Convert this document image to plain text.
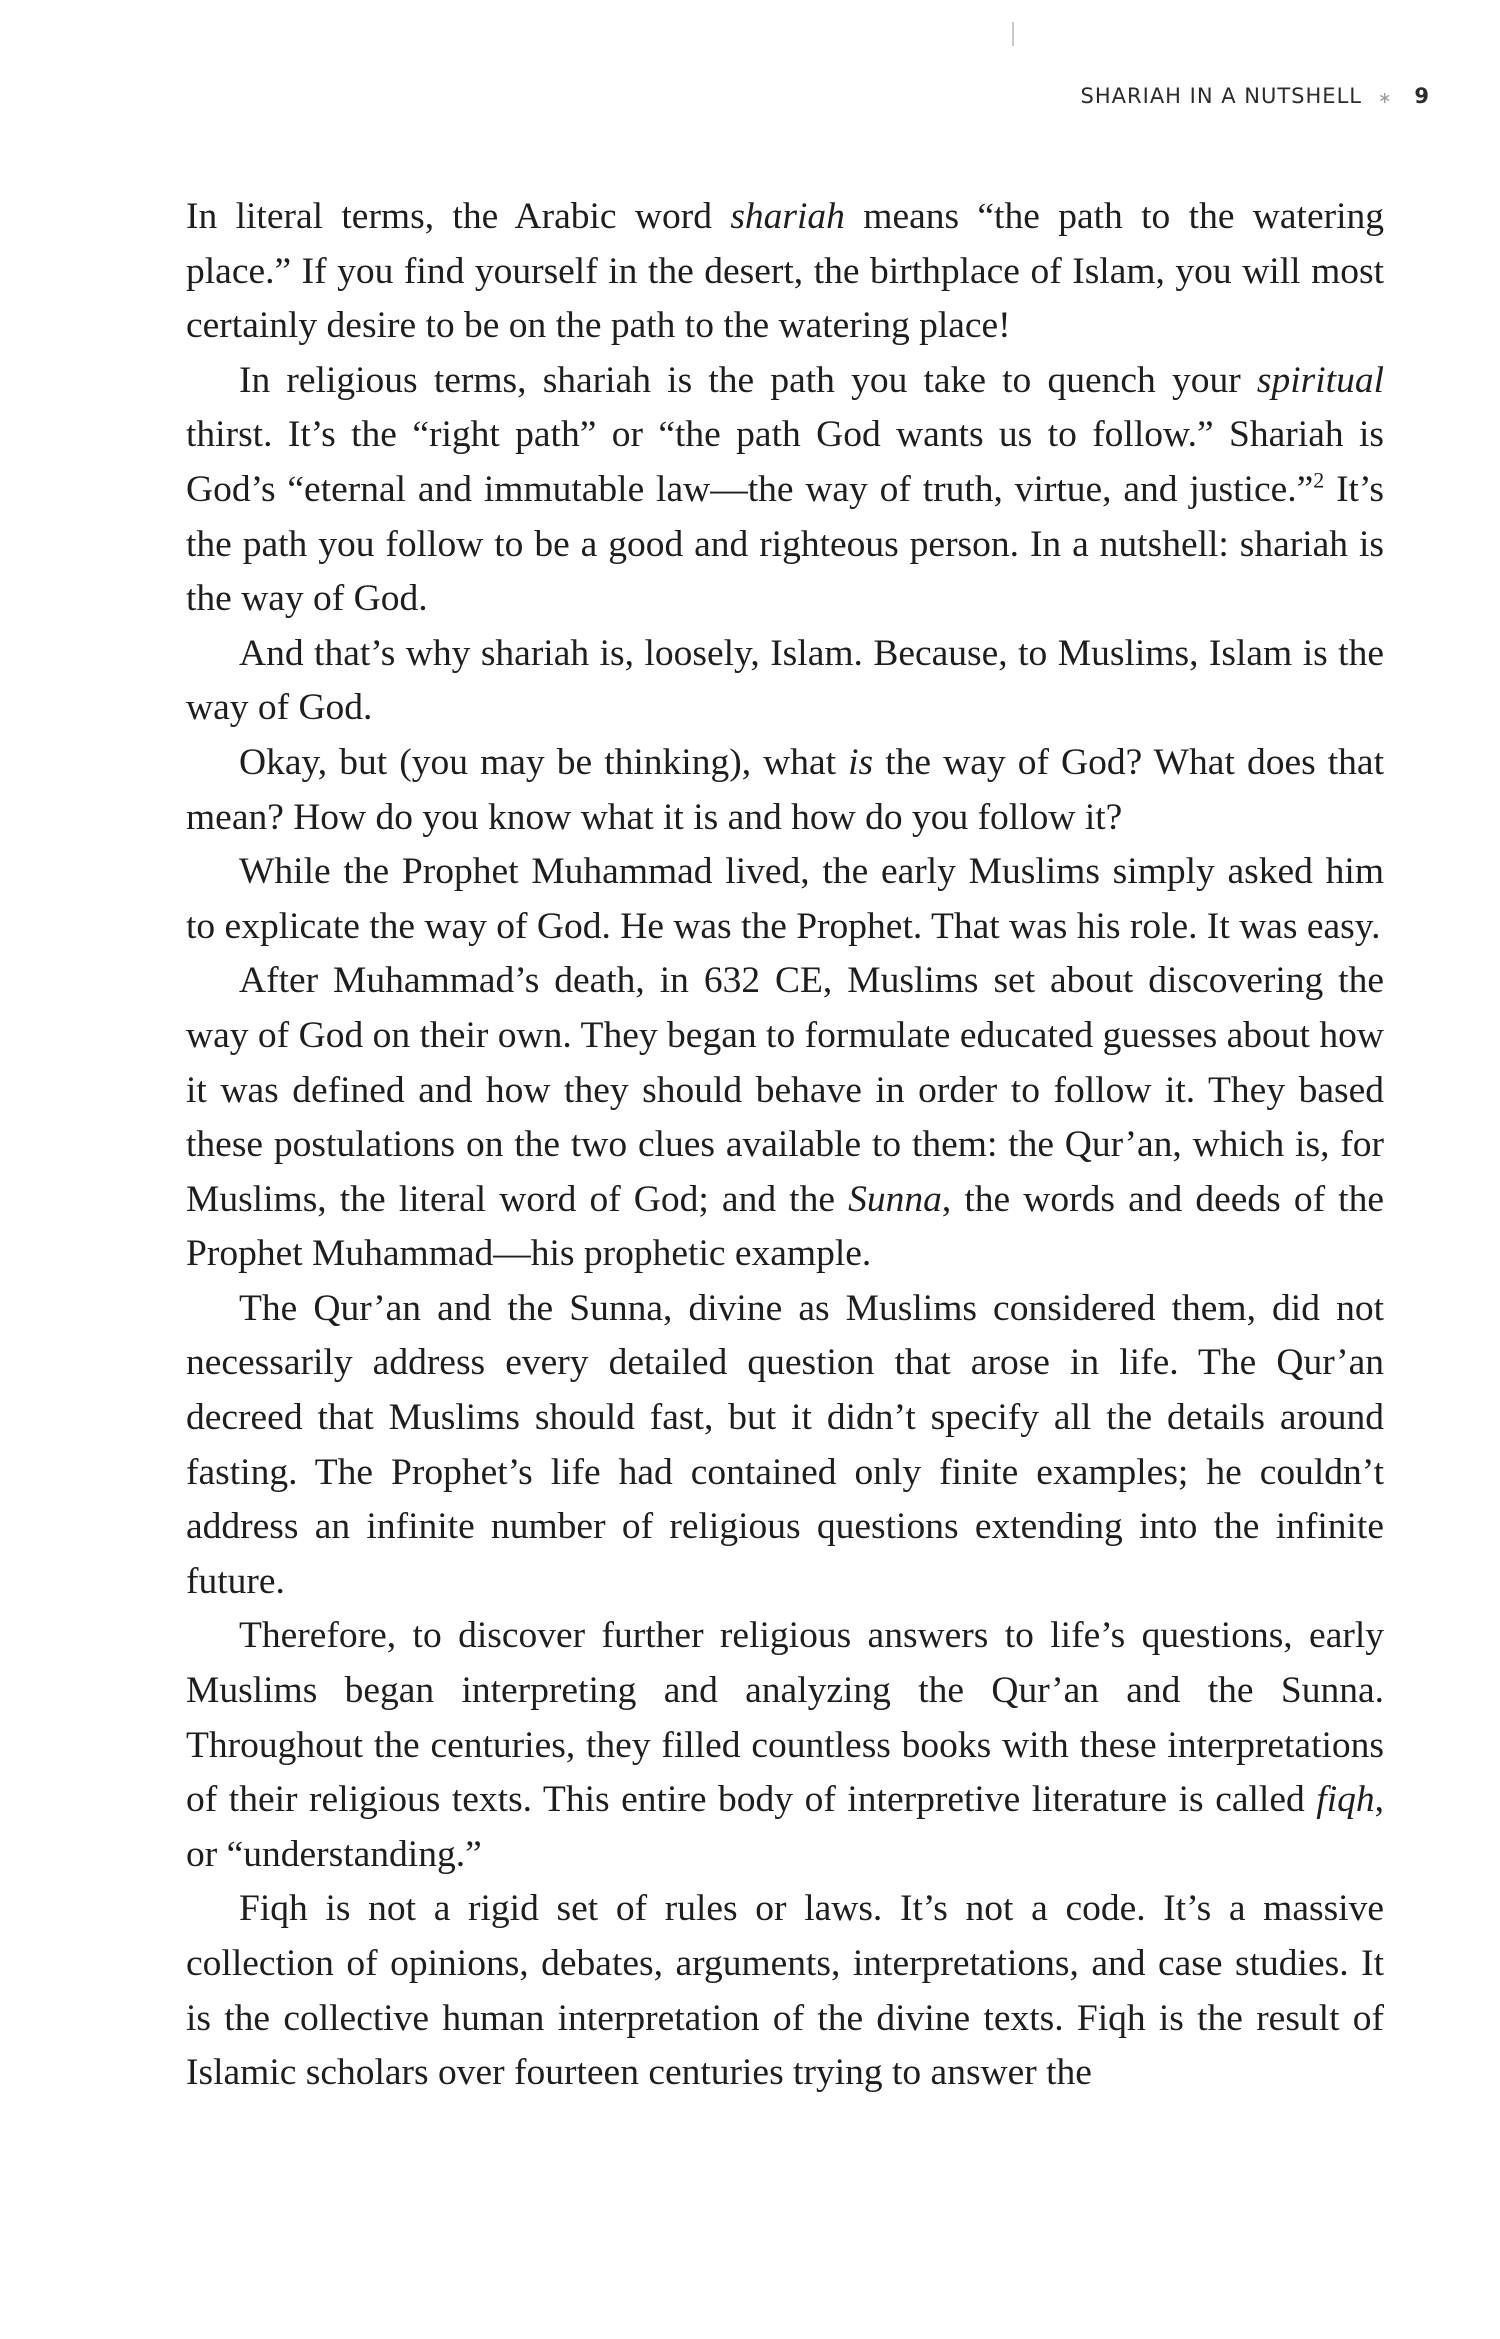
SHARIAH IN A NUTSHELL ∗ 9

In literal terms, the Arabic word shariah means “the path to the watering place.” If you find yourself in the desert, the birthplace of Islam, you will most certainly desire to be on the path to the watering place!

In religious terms, shariah is the path you take to quench your spiritual thirst. It’s the “right path” or “the path God wants us to follow.” Shariah is God’s “eternal and immutable law—the way of truth, virtue, and justice.”$^2$ It’s the path you follow to be a good and righteous person. In a nutshell: shariah is the way of God.

And that’s why shariah is, loosely, Islam. Because, to Muslims, Islam is the way of God.

Okay, but (you may be thinking), what is the way of God? What does that mean? How do you know what it is and how do you follow it?

While the Prophet Muhammad lived, the early Muslims simply asked him to explicate the way of God. He was the Prophet. That was his role. It was easy.

After Muhammad’s death, in 632 CE, Muslims set about discovering the way of God on their own. They began to formulate educated guesses about how it was defined and how they should behave in order to follow it. They based these postulations on the two clues available to them: the Qur’an, which is, for Muslims, the literal word of God; and the Sunna, the words and deeds of the Prophet Muhammad—his prophetic example.

The Qur’an and the Sunna, divine as Muslims considered them, did not necessarily address every detailed question that arose in life. The Qur’an decreed that Muslims should fast, but it didn’t specify all the details around fasting. The Prophet’s life had contained only finite examples; he couldn’t address an infinite number of religious questions extending into the infinite future.

Therefore, to discover further religious answers to life’s questions, early Muslims began interpreting and analyzing the Qur’an and the Sunna. Throughout the centuries, they filled countless books with these interpretations of their religious texts. This entire body of interpretive literature is called fiqh, or “understanding.”

Fiqh is not a rigid set of rules or laws. It’s not a code. It’s a massive collection of opinions, debates, arguments, interpretations, and case studies. It is the collective human interpretation of the divine texts. Fiqh is the result of Islamic scholars over fourteen centuries trying to answer the
